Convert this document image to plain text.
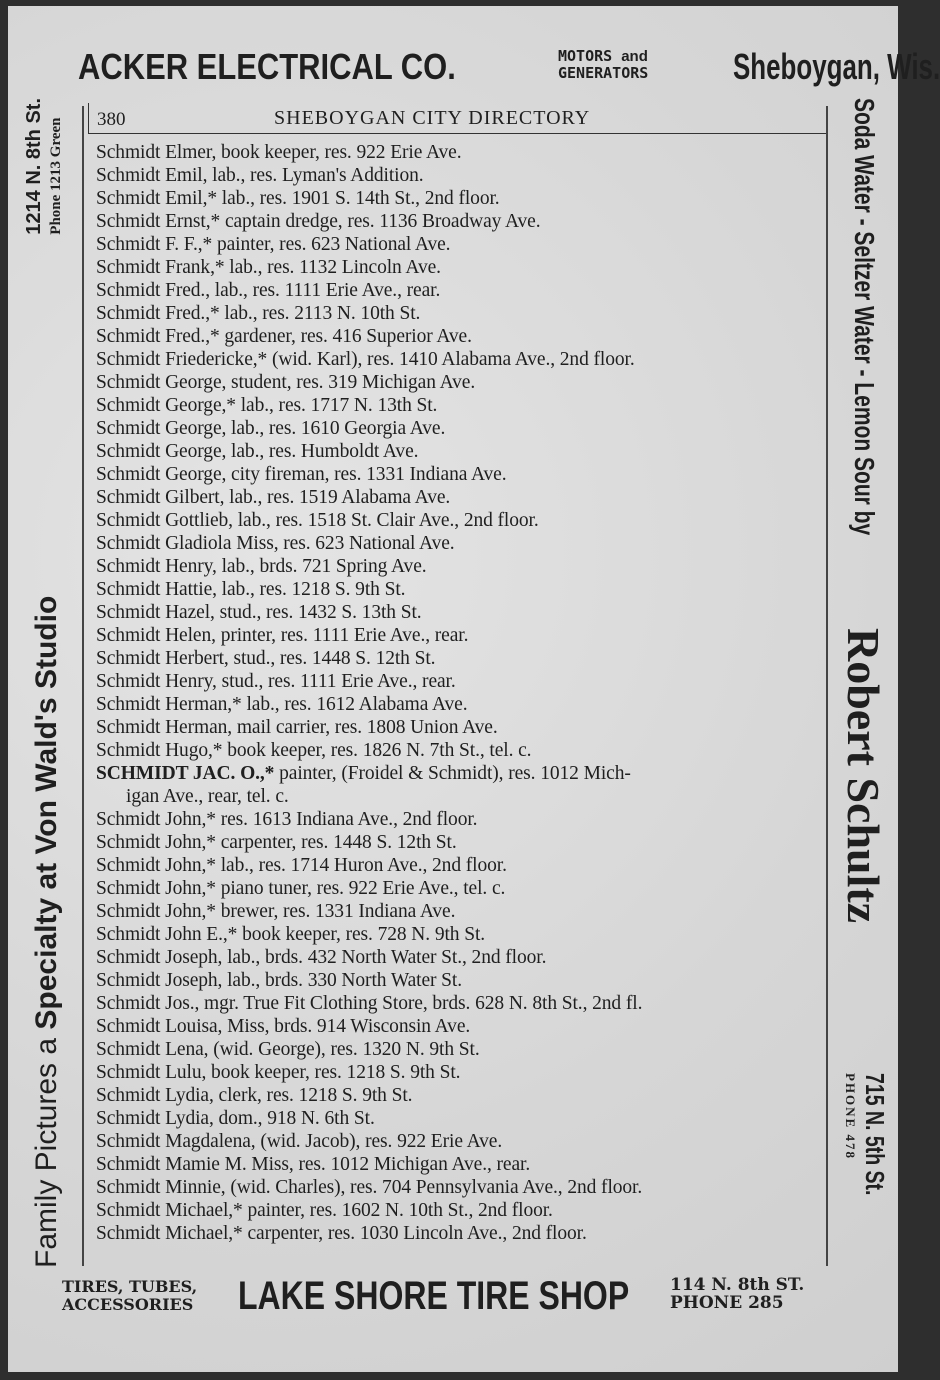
ACKER ELECTRICAL CO.	MOTORS and
GENERATORS Sheboygan, Wis.
380	SHEBOYGAN CITY DIRECTORY
Family Pictures a Specialty at Von Wald's Studio
1214 N. 8th St. Phone 1213 Green	Soda Water - Seltzer Water - Lemon Sour by
Robert Schultz
715 N. 5th St.
PHONE 478
Schmidt Elmer, book keeper, res. 922 Erie Ave.
Schmidt Emil, lab., res. Lyman's Addition.
Schmidt Emil,* lab., res. 1901 S. 14th St., 2nd floor.
Schmidt Ernst,* captain dredge, res. 1136 Broadway Ave.
Schmidt F. F.,* painter, res. 623 National Ave.
Schmidt Frank,* lab., res. 1132 Lincoln Ave.
Schmidt Fred., lab., res. 1111 Erie Ave., rear.
Schmidt Fred.,* lab., res. 2113 N. 10th St.
Schmidt Fred.,* gardener, res. 416 Superior Ave.
Schmidt Friedericke,* (wid. Karl), res. 1410 Alabama Ave., 2nd floor.
Schmidt George, student, res. 319 Michigan Ave.
Schmidt George,* lab., res. 1717 N. 13th St.
Schmidt George, lab., res. 1610 Georgia Ave.
Schmidt George, lab., res. Humboldt Ave.
Schmidt George, city fireman, res. 1331 Indiana Ave.
Schmidt Gilbert, lab., res. 1519 Alabama Ave.
Schmidt Gottlieb, lab., res. 1518 St. Clair Ave., 2nd floor.
Schmidt Gladiola Miss, res. 623 National Ave.
Schmidt Henry, lab., brds. 721 Spring Ave.
Schmidt Hattie, lab., res. 1218 S. 9th St.
Schmidt Hazel, stud., res. 1432 S. 13th St.
Schmidt Helen, printer, res. 1111 Erie Ave., rear.
Schmidt Herbert, stud., res. 1448 S. 12th St.
Schmidt Henry, stud., res. 1111 Erie Ave., rear.
Schmidt Herman,* lab., res. 1612 Alabama Ave.
Schmidt Herman, mail carrier, res. 1808 Union Ave.
Schmidt Hugo,* book keeper, res. 1826 N. 7th St., tel. c.
SCHMIDT JAC. O.,* painter, (Froidel & Schmidt), res. 1012 Mich-
igan Ave., rear, tel. c.
Schmidt John,* res. 1613 Indiana Ave., 2nd floor.
Schmidt John,* carpenter, res. 1448 S. 12th St.
Schmidt John,* lab., res. 1714 Huron Ave., 2nd floor.
Schmidt John,* piano tuner, res. 922 Erie Ave., tel. c.
Schmidt John,* brewer, res. 1331 Indiana Ave.
Schmidt John E.,* book keeper, res. 728 N. 9th St.
Schmidt Joseph, lab., brds. 432 North Water St., 2nd floor.
Schmidt Joseph, lab., brds. 330 North Water St.
Schmidt Jos., mgr. True Fit Clothing Store, brds. 628 N. 8th St., 2nd fl.
Schmidt Louisa, Miss, brds. 914 Wisconsin Ave.
Schmidt Lena, (wid. George), res. 1320 N. 9th St.
Schmidt Lulu, book keeper, res. 1218 S. 9th St.
Schmidt Lydia, clerk, res. 1218 S. 9th St.
Schmidt Lydia, dom., 918 N. 6th St.
Schmidt Magdalena, (wid. Jacob), res. 922 Erie Ave.
Schmidt Mamie M. Miss, res. 1012 Michigan Ave., rear.
Schmidt Minnie, (wid. Charles), res. 704 Pennsylvania Ave., 2nd floor.
Schmidt Michael,* painter, res. 1602 N. 10th St., 2nd floor.
Schmidt Michael,* carpenter, res. 1030 Lincoln Ave., 2nd floor.
TIRES, TUBES,
ACCESSORIES LAKE SHORE TIRE SHOP 114 N. 8th ST.
PHONE 285
